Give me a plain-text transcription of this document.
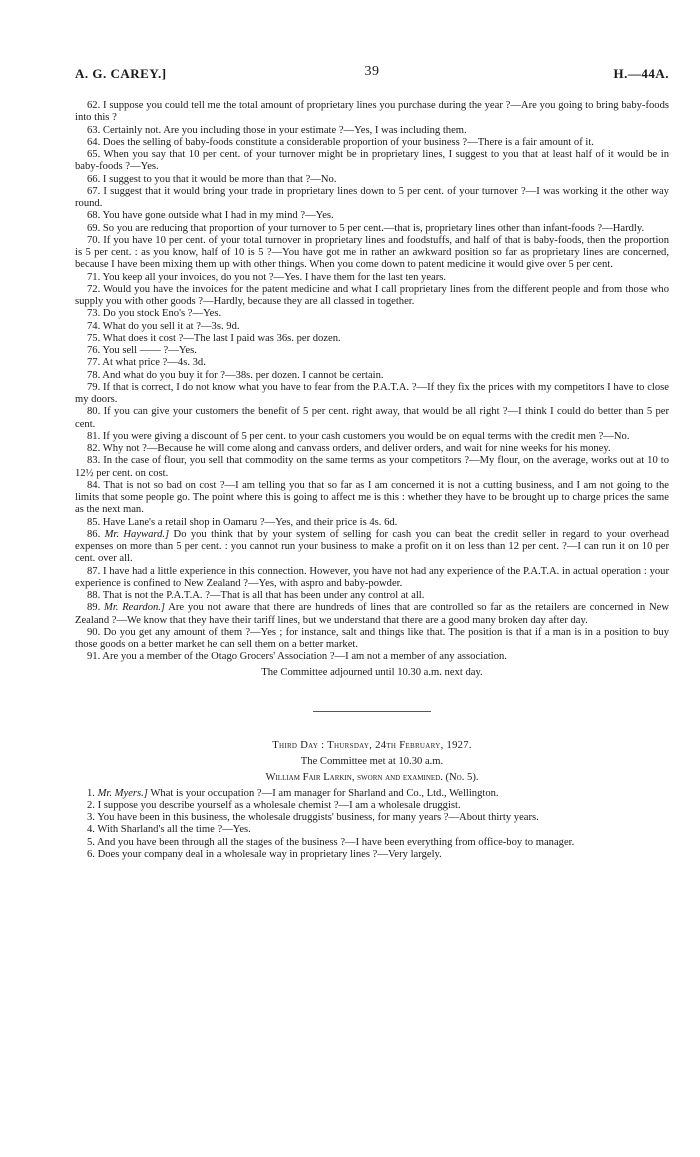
A. G. CAREY.]	39	H.—44A.

62. I suppose you could tell me the total amount of proprietary lines you purchase during the year ?—Are you going to bring baby-foods into this ?

63. Certainly not. Are you including those in your estimate ?—Yes, I was including them.

64. Does the selling of baby-foods constitute a considerable proportion of your business ?—There is a fair amount of it.

65. When you say that 10 per cent. of your turnover might be in proprietary lines, I suggest to you that at least half of it would be in baby-foods ?—Yes.

66. I suggest to you that it would be more than that ?—No.

67. I suggest that it would bring your trade in proprietary lines down to 5 per cent. of your turnover ?—I was working it the other way round.

68. You have gone outside what I had in my mind ?—Yes.

69. So you are reducing that proportion of your turnover to 5 per cent.—that is, proprietary lines other than infant-foods ?—Hardly.

70. If you have 10 per cent. of your total turnover in proprietary lines and foodstuffs, and half of that is baby-foods, then the proportion is 5 per cent. : as you know, half of 10 is 5 ?—You have got me in rather an awkward position so far as proprietary lines are concerned, because I have been mixing them up with other things. When you come down to patent medicine it would give over 5 per cent.

71. You keep all your invoices, do you not ?—Yes. I have them for the last ten years.

72. Would you have the invoices for the patent medicine and what I call proprietary lines from the different people and from those who supply you with other goods ?—Hardly, because they are all classed in together.

73. Do you stock Eno's ?—Yes.

74. What do you sell it at ?—3s. 9d.

75. What does it cost ?—The last I paid was 36s. per dozen.

76. You sell —— ?—Yes.

77. At what price ?—4s. 3d.

78. And what do you buy it for ?—38s. per dozen. I cannot be certain.

79. If that is correct, I do not know what you have to fear from the P.A.T.A. ?—If they fix the prices with my competitors I have to close my doors.

80. If you can give your customers the benefit of 5 per cent. right away, that would be all right ?—I think I could do better than 5 per cent.

81. If you were giving a discount of 5 per cent. to your cash customers you would be on equal terms with the credit men ?—No.

82. Why not ?—Because he will come along and canvass orders, and deliver orders, and wait for nine weeks for his money.

83. In the case of flour, you sell that commodity on the same terms as your competitors ?—My flour, on the average, works out at 10 to 12½ per cent. on cost.

84. That is not so bad on cost ?—I am telling you that so far as I am concerned it is not a cutting business, and I am not going to the limits that some people go. The point where this is going to affect me is this : whether they have to be brought up to charge prices the same as the next man.

85. Have Lane's a retail shop in Oamaru ?—Yes, and their price is 4s. 6d.

86. Mr. Hayward.] Do you think that by your system of selling for cash you can beat the credit seller in regard to your overhead expenses on more than 5 per cent. : you cannot run your business to make a profit on it on less than 12 per cent. ?—I can run it on 10 per cent. over all.

87. I have had a little experience in this connection. However, you have not had any experience of the P.A.T.A. in actual operation : your experience is confined to New Zealand ?—Yes, with aspro and baby-powder.

88. That is not the P.A.T.A. ?—That is all that has been under any control at all.

89. Mr. Reardon.] Are you not aware that there are hundreds of lines that are controlled so far as the retailers are concerned in New Zealand ?—We know that they have their tariff lines, but we understand that there are a good many broken day after day.

90. Do you get any amount of them ?—Yes ; for instance, salt and things like that. The position is that if a man is in a position to buy those goods on a better market he can sell them on a better market.

91. Are you a member of the Otago Grocers' Association ?—I am not a member of any association.

The Committee adjourned until 10.30 a.m. next day.

Third Day : Thursday, 24th February, 1927.

The Committee met at 10.30 a.m.

William Fair Larkin, sworn and examined. (No. 5).

1. Mr. Myers.] What is your occupation ?—I am manager for Sharland and Co., Ltd., Wellington.

2. I suppose you describe yourself as a wholesale chemist ?—I am a wholesale druggist.

3. You have been in this business, the wholesale druggists' business, for many years ?—About thirty years.

4. With Sharland's all the time ?—Yes.

5. And you have been through all the stages of the business ?—I have been everything from office-boy to manager.

6. Does your company deal in a wholesale way in proprietary lines ?—Very largely.
